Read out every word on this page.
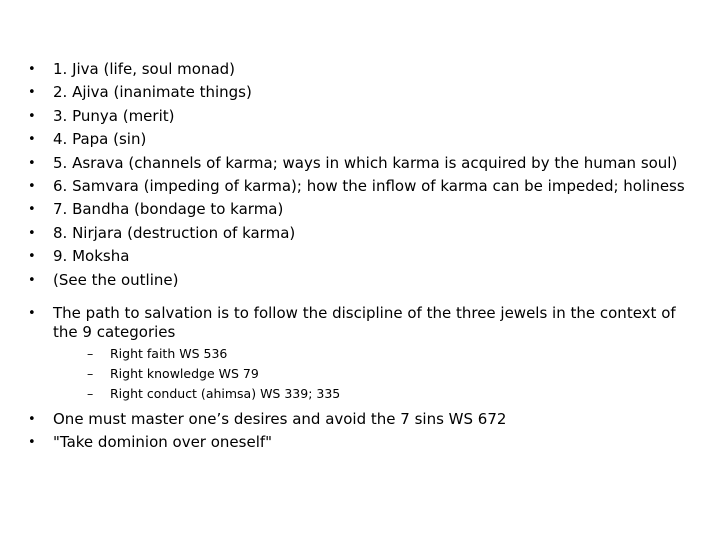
• 1. Jiva (life, soul monad)
• 2. Ajiva (inanimate things)
• 3. Punya (merit)
• 4. Papa (sin)
• 5. Asrava (channels of karma; ways in which karma is acquired by the human soul)
• 6. Samvara (impeding of karma); how the inflow of karma can be impeded; holiness
• 7. Bandha (bondage to karma)
• 8. Nirjara (destruction of karma)
• 9. Moksha
• (See the outline)
• The path to salvation is to follow the discipline of the three jewels in the context of the 9 categories
– Right faith WS 536
– Right knowledge WS 79
– Right conduct (ahimsa) WS 339; 335
• One must master one’s desires and avoid the 7 sins WS 672
• "Take dominion over oneself"
